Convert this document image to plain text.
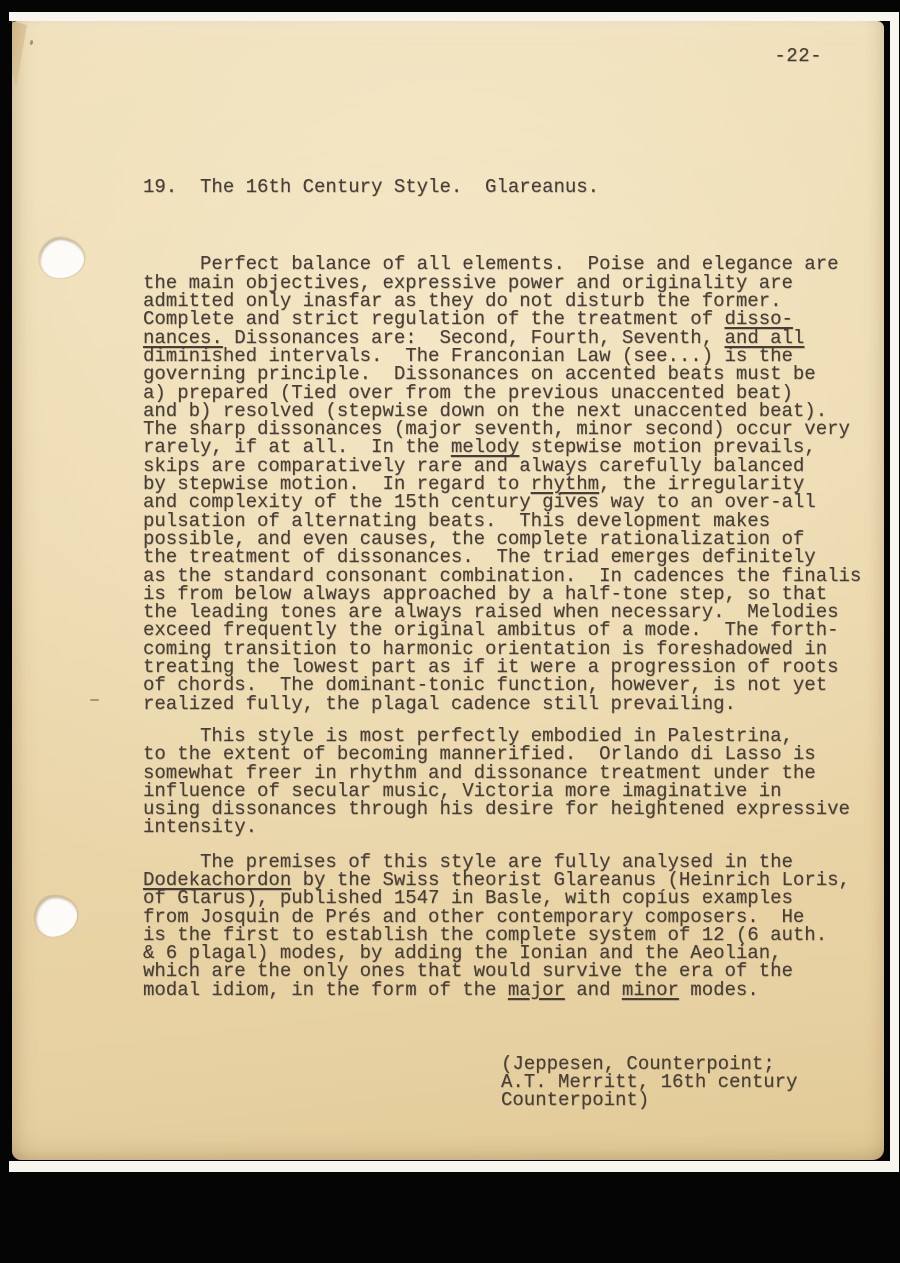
-22-

19.  The 16th Century Style.  Glareanus.

Perfect balance of all elements.  Poise and elegance are
the main objectives, expressive power and originality are
admitted only inasfar as they do not disturb the former.
Complete and strict regulation of the treatment of disso-
nances. Dissonances are:  Second, Fourth, Seventh, and all
diminished intervals.  The Franconian Law (see...) is the
governing principle.  Dissonances on accented beats must be
a) prepared (Tied over from the previous unaccented beat)
and b) resolved (stepwise down on the next unaccented beat).
The sharp dissonances (major seventh, minor second) occur very
rarely, if at all.  In the melody stepwise motion prevails,
skips are comparatively rare and always carefully balanced
by stepwise motion.  In regard to rhythm, the irregularity
and complexity of the 15th century gives way to an over-all
pulsation of alternating beats.  This development makes
possible, and even causes, the complete rationalization of
the treatment of dissonances.  The triad emerges definitely
as the standard consonant combination.  In cadences the finalis
is from below always approached by a half-tone step, so that
the leading tones are always raised when necessary.  Melodies
exceed frequently the original ambitus of a mode.  The forth-
coming transition to harmonic orientation is foreshadowed in
treating the lowest part as if it were a progression of roots
of chords.  The dominant-tonic function, however, is not yet
realized fully, the plagal cadence still prevailing.
This style is most perfectly embodied in Palestrina,
to the extent of becoming mannerified.  Orlando di Lasso is
somewhat freer in rhythm and dissonance treatment under the
influence of secular music, Victoria more imaginative in
using dissonances through his desire for heightened expressive
intensity.
The premises of this style are fully analysed in the
Dodekachordon by the Swiss theorist Glareanus (Heinrich Loris,
of Glarus), published 1547 in Basle, with copíus examples
from Josquin de Prés and other contemporary composers.  He
is the first to establish the complete system of 12 (6 auth.
& 6 plagal) modes, by adding the Ionian and the Aeolian,
which are the only ones that would survive the era of the
modal idiom, in the form of the major and minor modes.

(Jeppesen, Counterpoint;
A.T. Merritt, 16th century
Counterpoint)
